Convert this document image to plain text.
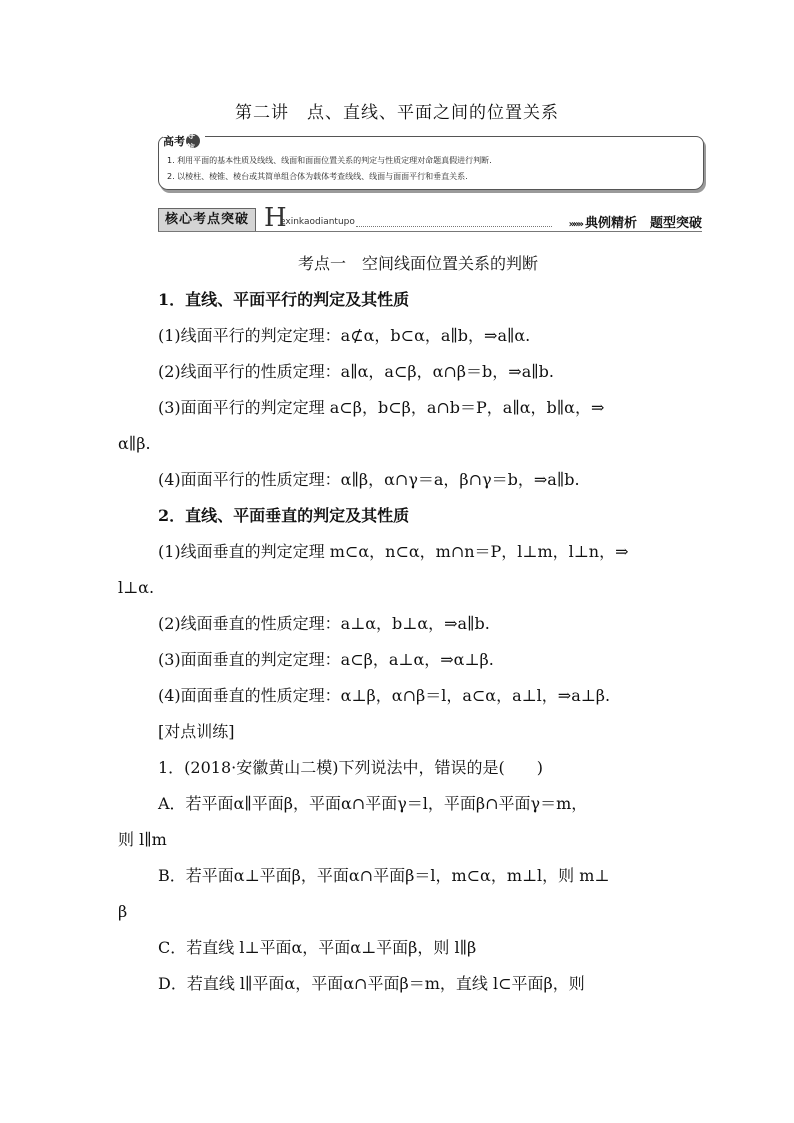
第二讲　点、直线、平面之间的位置关系
高 考 导航
1. 利用平面的基本性质及线线、线面和面面位置关系的判定与性质定理对命题真假进行判断.
2. 以棱柱、棱锥、棱台或其简单组合体为载体考查线线、线面与面面平行和垂直关系.
核心考点突破 H
exinkaodiantupo	»»» 典例精析　题型突破
考点一　空间线面位置关系的判断
1．直线、平面平行的判定及其性质
(1)线面平行的判定定理：a⊄α，b⊂α，a∥b，⇒a∥α.
(2)线面平行的性质定理：a∥α，a⊂β，α∩β＝b，⇒a∥b.
(3)面面平行的判定定理 a⊂β，b⊂β，a∩b＝P，a∥α，b∥α，⇒
α∥β.
(4)面面平行的性质定理：α∥β，α∩γ＝a，β∩γ＝b，⇒a∥b.
2．直线、平面垂直的判定及其性质
(1)线面垂直的判定定理 m⊂α，n⊂α，m∩n＝P，l⊥m，l⊥n，⇒
l⊥α.
(2)线面垂直的性质定理：a⊥α，b⊥α，⇒a∥b.
(3)面面垂直的判定定理：a⊂β，a⊥α，⇒α⊥β.
(4)面面垂直的性质定理：α⊥β，α∩β＝l，a⊂α，a⊥l，⇒a⊥β.
[对点训练]
1．(2018·安徽黄山二模)下列说法中，错误的是(　　)
A．若平面α∥平面β，平面α∩平面γ＝l，平面β∩平面γ＝m，
则 l∥m
B．若平面α⊥平面β，平面α∩平面β＝l，m⊂α，m⊥l，则 m⊥
β
C．若直线 l⊥平面α，平面α⊥平面β，则 l∥β
D．若直线 l∥平面α，平面α∩平面β＝m，直线 l⊂平面β，则
